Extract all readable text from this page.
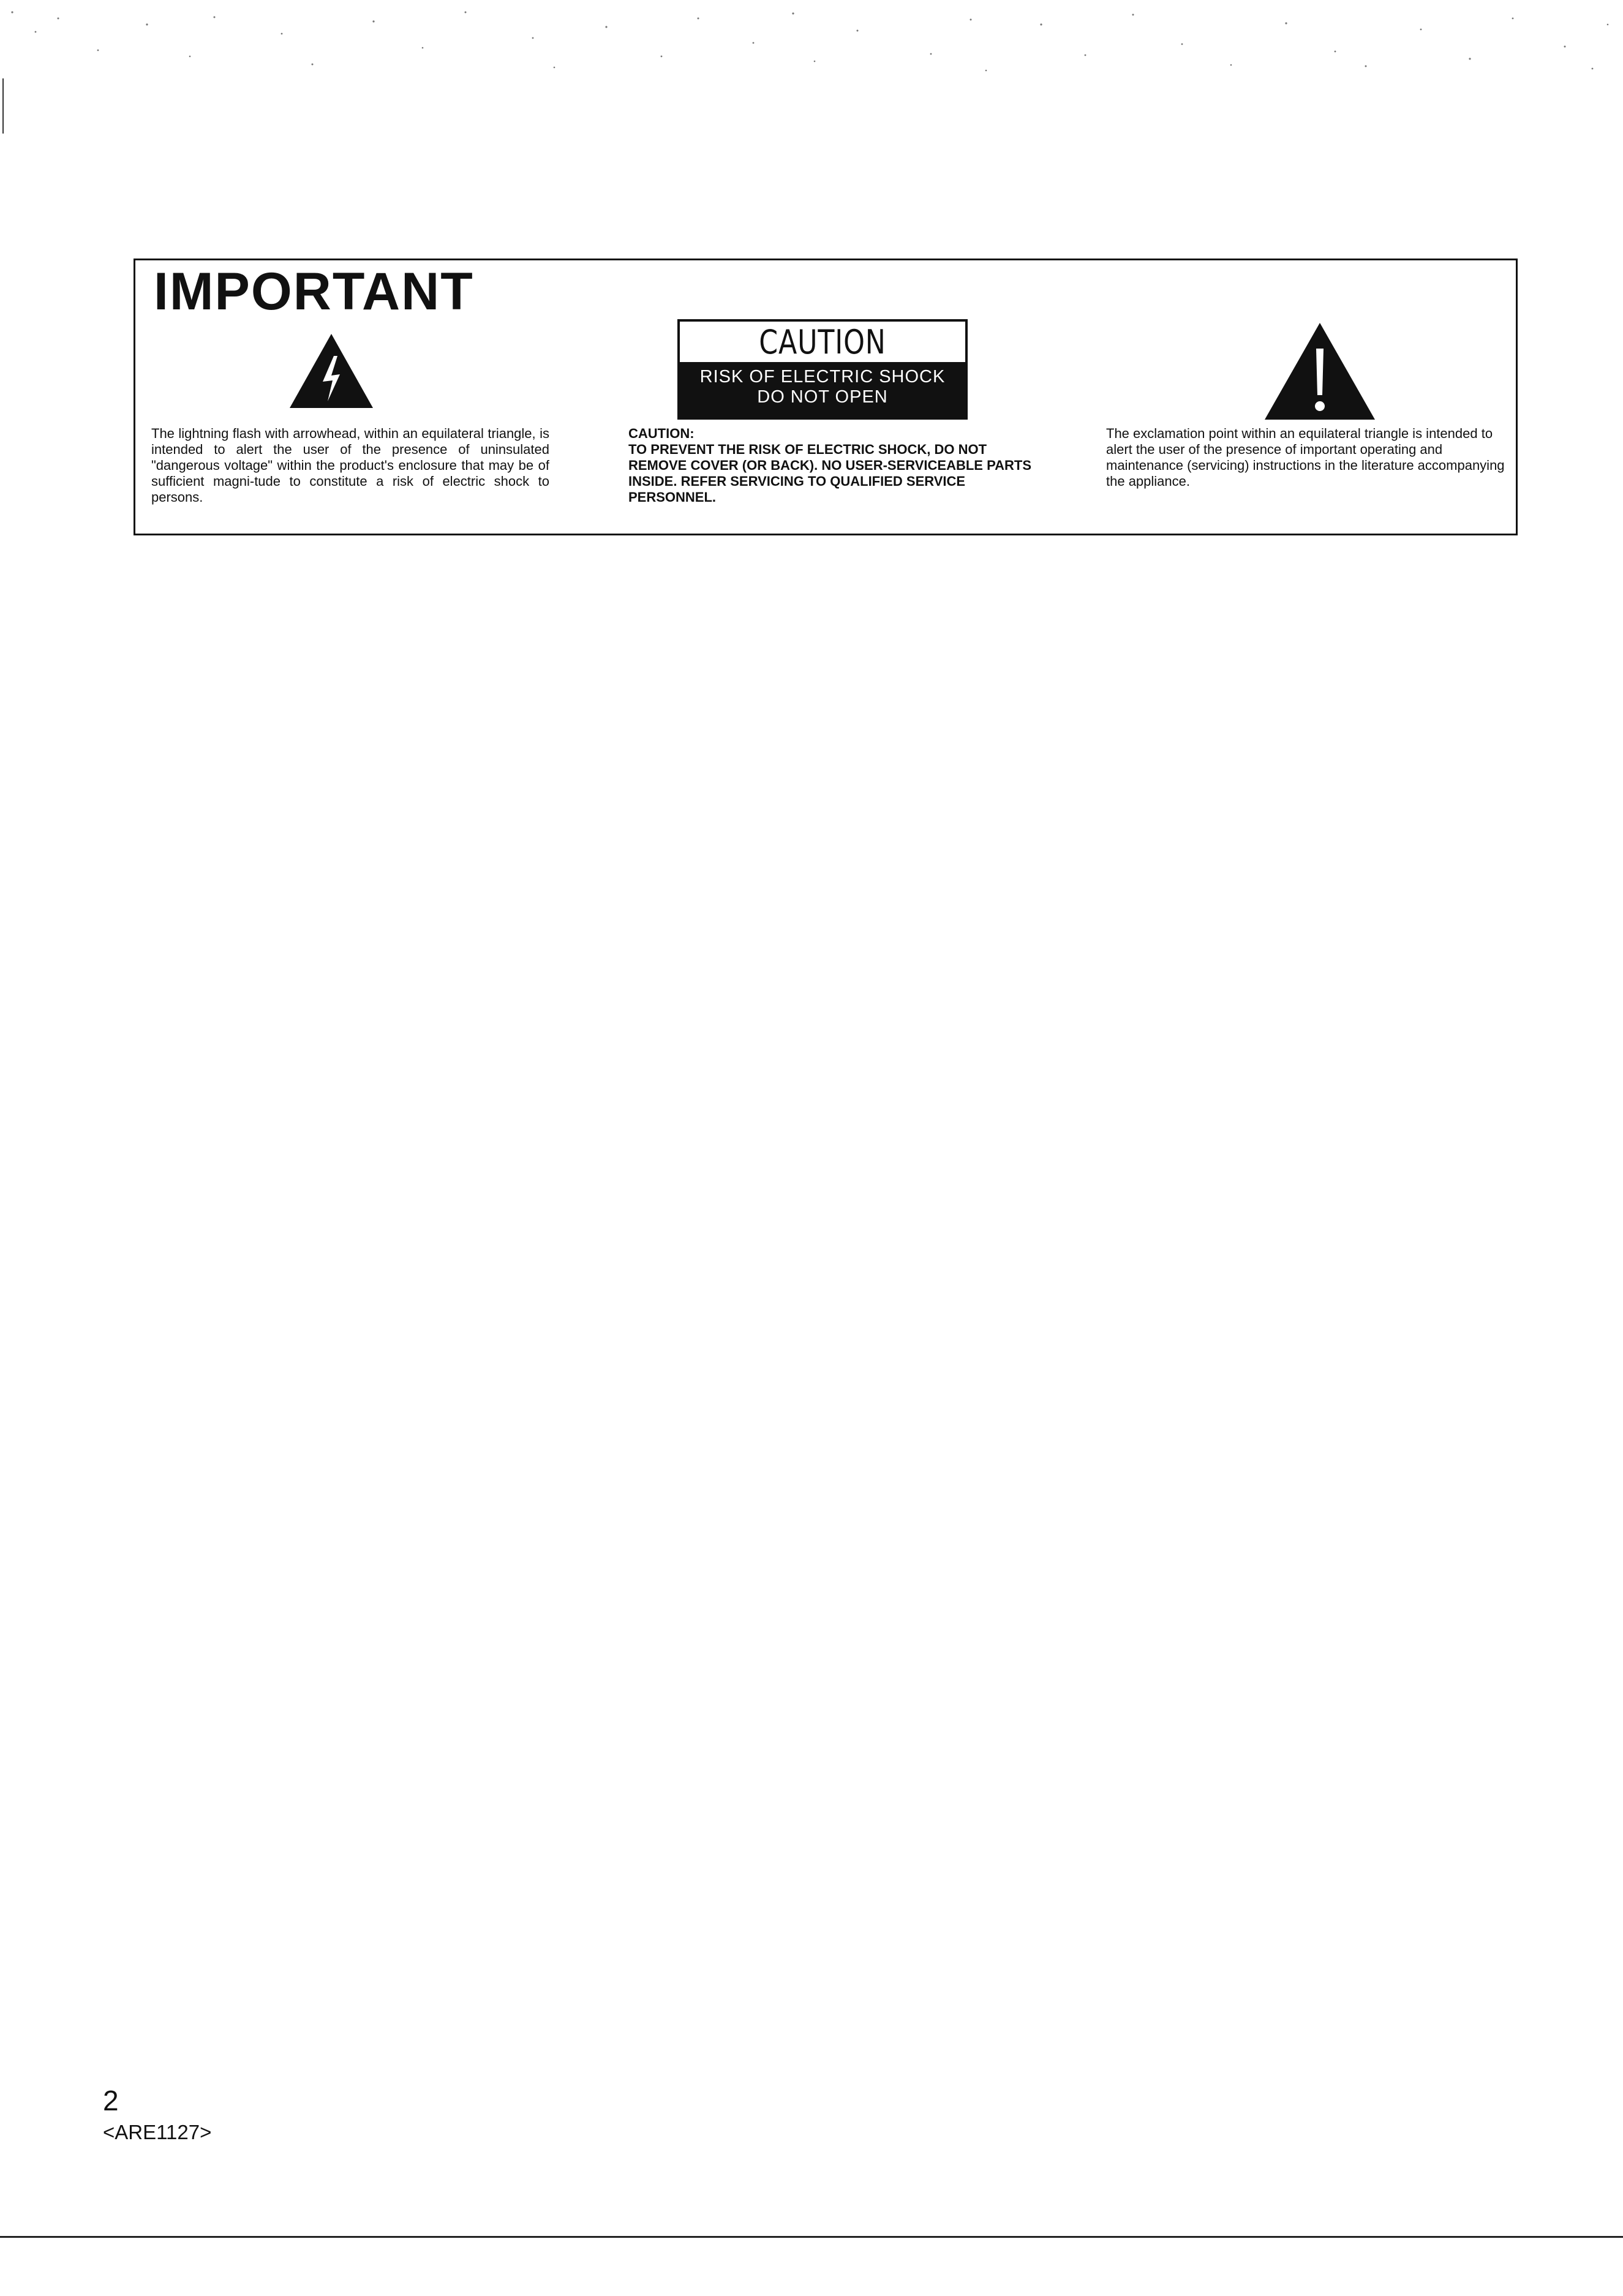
IMPORTANT
CAUTION
RISK OF ELECTRIC SHOCK
DO NOT OPEN
The lightning flash with arrowhead, within an equilateral triangle, is intended to alert the user of the presence of uninsulated "dangerous voltage" within the product's enclosure that may be of sufficient magni-tude to constitute a risk of electric shock to persons.
CAUTION:
TO PREVENT THE RISK OF ELECTRIC SHOCK, DO NOT REMOVE COVER (OR BACK). NO USER-SERVICEABLE PARTS INSIDE. REFER SERVICING TO QUALIFIED SERVICE PERSONNEL.
The exclamation point within an equilateral triangle is intended to alert the user of the presence of important operating and maintenance (servicing) instructions in the literature accompanying the appliance.
2
<ARE1127>
